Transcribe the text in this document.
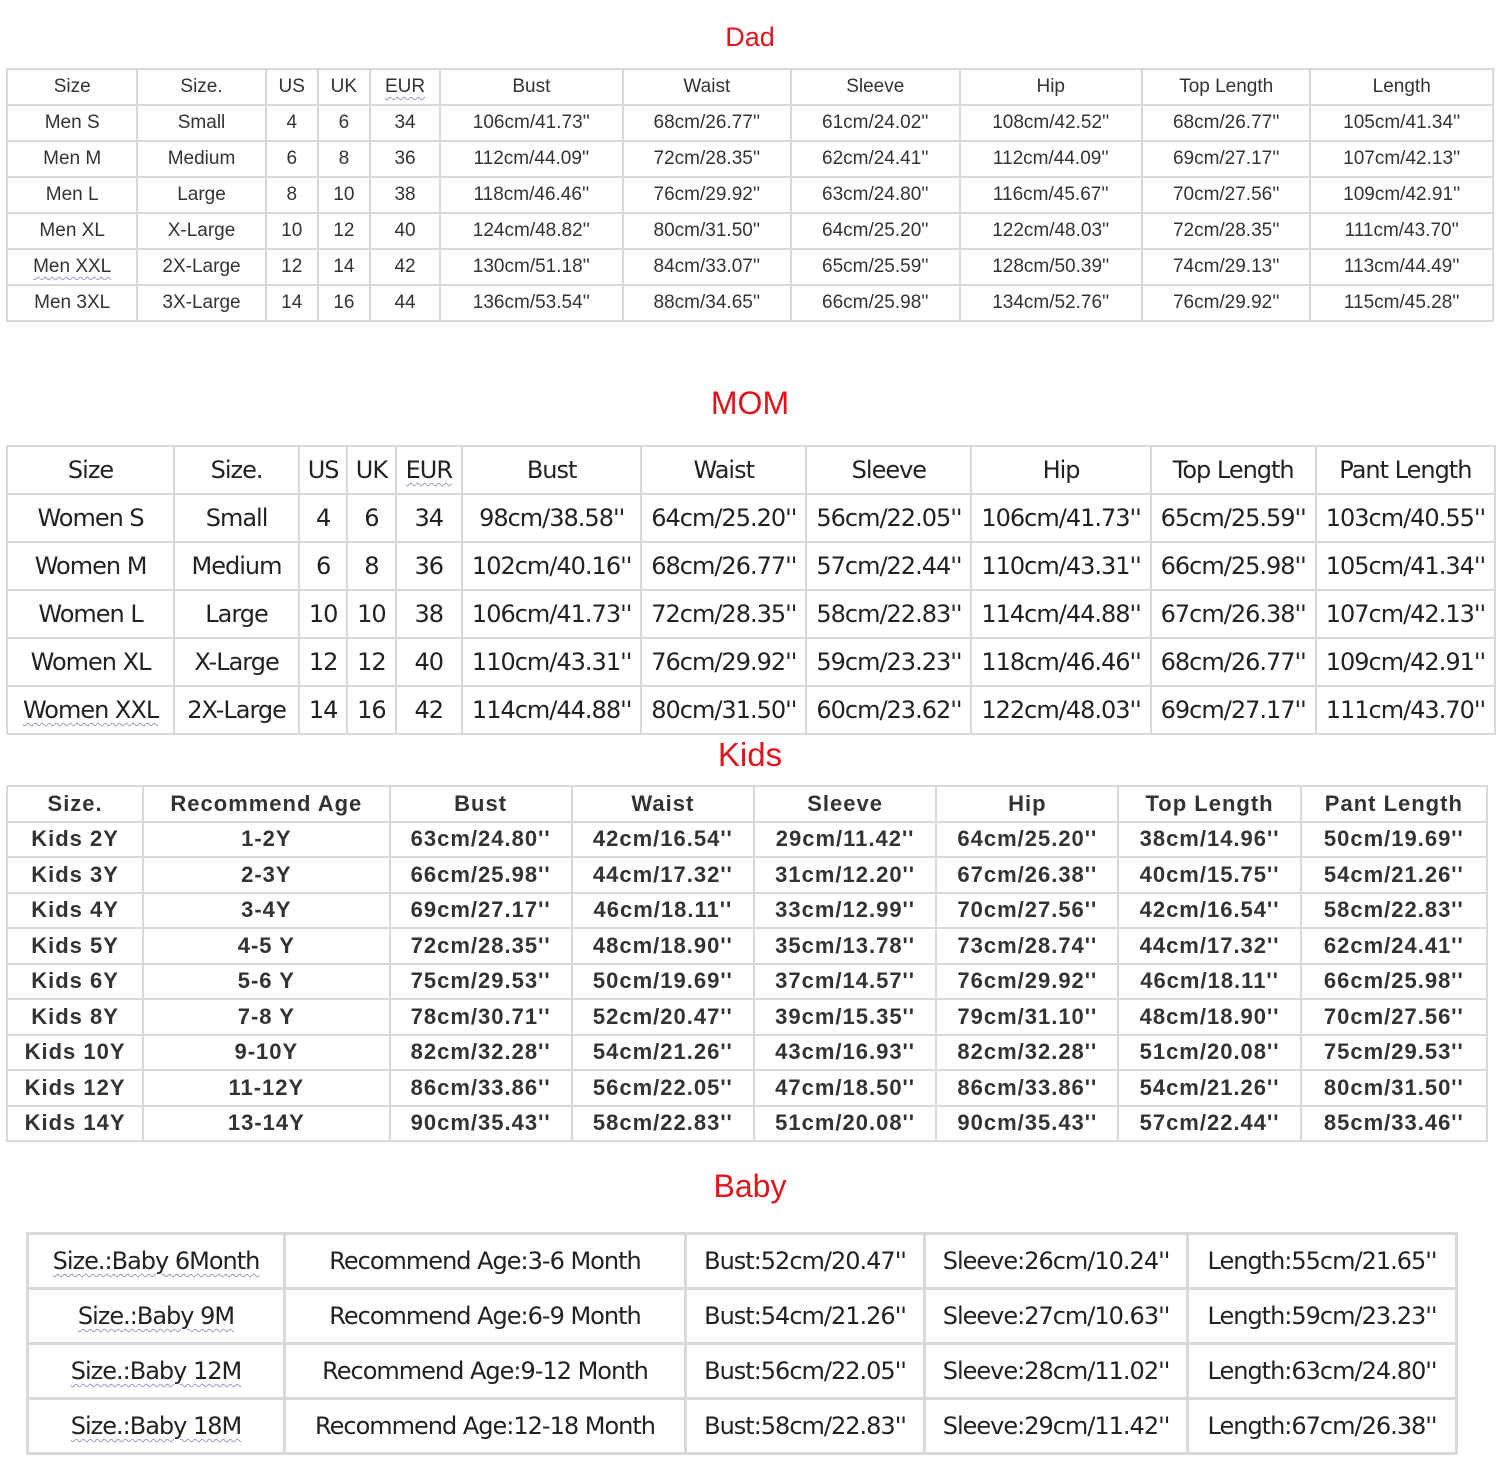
Dad
Size	Size.	US	UK	EUR	Bust	Waist	Sleeve	Hip	Top Length	Length
Men S	Small	4	6	34	106cm/41.73''	68cm/26.77''	61cm/24.02''	108cm/42.52''	68cm/26.77''	105cm/41.34''
Men M	Medium	6	8	36	112cm/44.09''	72cm/28.35''	62cm/24.41''	112cm/44.09''	69cm/27.17''	107cm/42.13''
Men L	Large	8	10	38	118cm/46.46''	76cm/29.92''	63cm/24.80''	116cm/45.67''	70cm/27.56''	109cm/42.91''
Men XL	X-Large	10	12	40	124cm/48.82''	80cm/31.50''	64cm/25.20''	122cm/48.03''	72cm/28.35''	111cm/43.70''
Men XXL	2X-Large	12	14	42	130cm/51.18''	84cm/33.07''	65cm/25.59''	128cm/50.39''	74cm/29.13''	113cm/44.49''
Men 3XL	3X-Large	14	16	44	136cm/53.54''	88cm/34.65''	66cm/25.98''	134cm/52.76''	76cm/29.92''	115cm/45.28''
MOM
Size	Size.	US	UK	EUR	Bust	Waist	Sleeve	Hip	Top Length	Pant Length
Women S	Small	4	6	34	98cm/38.58''	64cm/25.20''	56cm/22.05''	106cm/41.73''	65cm/25.59''	103cm/40.55''
Women M	Medium	6	8	36	102cm/40.16''	68cm/26.77''	57cm/22.44''	110cm/43.31''	66cm/25.98''	105cm/41.34''
Women L	Large	10	10	38	106cm/41.73''	72cm/28.35''	58cm/22.83''	114cm/44.88''	67cm/26.38''	107cm/42.13''
Women XL	X-Large	12	12	40	110cm/43.31''	76cm/29.92''	59cm/23.23''	118cm/46.46''	68cm/26.77''	109cm/42.91''
Women XXL	2X-Large	14	16	42	114cm/44.88''	80cm/31.50''	60cm/23.62''	122cm/48.03''	69cm/27.17''	111cm/43.70''
Kids
Size.	Recommend Age	Bust	Waist	Sleeve	Hip	Top Length	Pant Length
Kids 2Y	1-2Y	63cm/24.80''	42cm/16.54''	29cm/11.42''	64cm/25.20''	38cm/14.96''	50cm/19.69''
Kids 3Y	2-3Y	66cm/25.98''	44cm/17.32''	31cm/12.20''	67cm/26.38''	40cm/15.75''	54cm/21.26''
Kids 4Y	3-4Y	69cm/27.17''	46cm/18.11''	33cm/12.99''	70cm/27.56''	42cm/16.54''	58cm/22.83''
Kids 5Y	4-5 Y	72cm/28.35''	48cm/18.90''	35cm/13.78''	73cm/28.74''	44cm/17.32''	62cm/24.41''
Kids 6Y	5-6 Y	75cm/29.53''	50cm/19.69''	37cm/14.57''	76cm/29.92''	46cm/18.11''	66cm/25.98''
Kids 8Y	7-8 Y	78cm/30.71''	52cm/20.47''	39cm/15.35''	79cm/31.10''	48cm/18.90''	70cm/27.56''
Kids 10Y	9-10Y	82cm/32.28''	54cm/21.26''	43cm/16.93''	82cm/32.28''	51cm/20.08''	75cm/29.53''
Kids 12Y	11-12Y	86cm/33.86''	56cm/22.05''	47cm/18.50''	86cm/33.86''	54cm/21.26''	80cm/31.50''
Kids 14Y	13-14Y	90cm/35.43''	58cm/22.83''	51cm/20.08''	90cm/35.43''	57cm/22.44''	85cm/33.46''
Baby
Size.:Baby 6Month	Recommend Age:3-6 Month	Bust:52cm/20.47''	Sleeve:26cm/10.24''	Length:55cm/21.65''
Size.:Baby 9M	Recommend Age:6-9 Month	Bust:54cm/21.26''	Sleeve:27cm/10.63''	Length:59cm/23.23''
Size.:Baby 12M	Recommend Age:9-12 Month	Bust:56cm/22.05''	Sleeve:28cm/11.02''	Length:63cm/24.80''
Size.:Baby 18M	Recommend Age:12-18 Month	Bust:58cm/22.83''	Sleeve:29cm/11.42''	Length:67cm/26.38''
